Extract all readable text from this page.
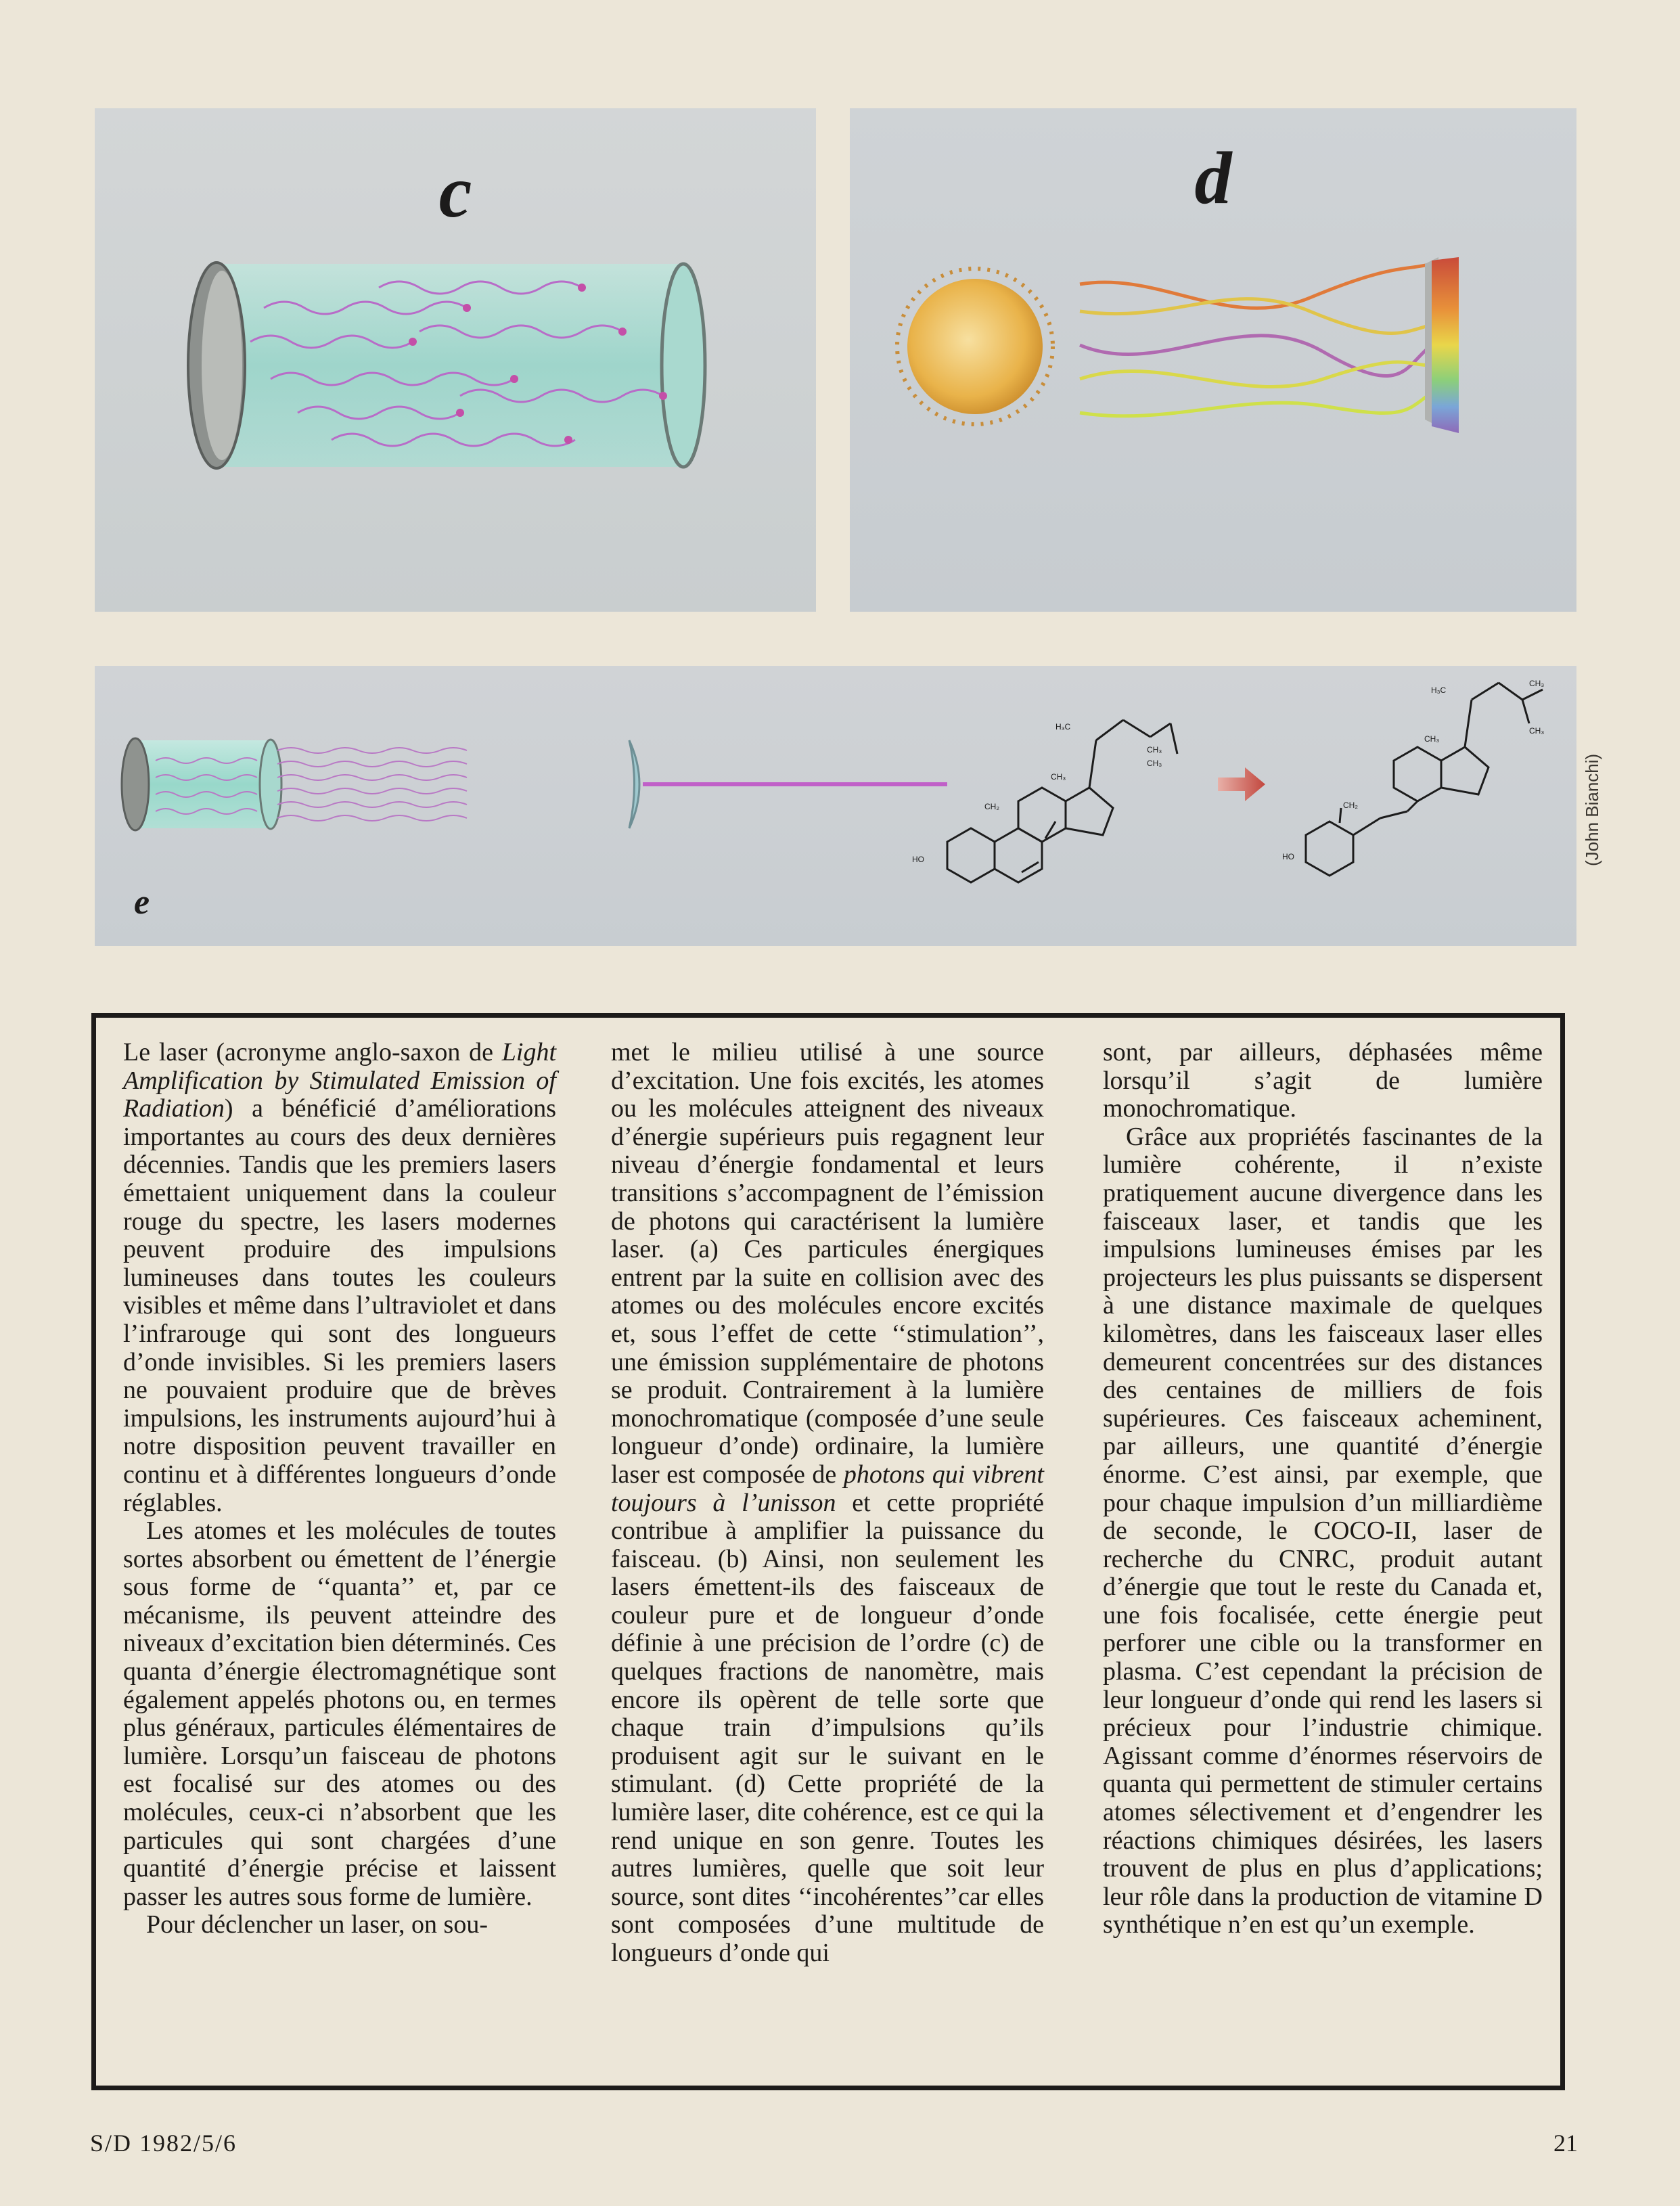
c	d
e
H₃C
CH₃
CH₃
CH₃
CH₂
HO
H₃C
CH₃
CH₃
CH₃
CH₂
HO	(John Bianchi)

Le laser (acronyme anglo-saxon de Light Amplification by Stimulated Emission of Radiation) a bénéficié d’améliorations importantes au cours des deux dernières décennies. Tandis que les premiers lasers émettaient uniquement dans la couleur rouge du spectre, les lasers modernes peuvent produire des impulsions lumineuses dans toutes les couleurs visibles et même dans l’ultraviolet et dans l’infrarouge qui sont des longueurs d’onde invisibles. Si les premiers lasers ne pouvaient produire que de brèves impulsions, les instruments aujourd’hui à notre disposition peuvent travailler en continu et à différentes longueurs d’onde réglables.

Les atomes et les molécules de toutes sortes absorbent ou émettent de l’énergie sous forme de ‘‘quanta’’ et, par ce mécanisme, ils peuvent atteindre des niveaux d’excitation bien déterminés. Ces quanta d’énergie électromagnétique sont également appelés photons ou, en termes plus généraux, particules élémentaires de lumière. Lorsqu’un faisceau de photons est focalisé sur des atomes ou des molécules, ceux-ci n’absorbent que les particules qui sont chargées d’une quantité d’énergie précise et laissent passer les autres sous forme de lumière.

Pour déclencher un laser, on sou-

met le milieu utilisé à une source d’excitation. Une fois excités, les atomes ou les molécules atteignent des niveaux d’énergie supérieurs puis regagnent leur niveau d’énergie fondamental et leurs transitions s’accompagnent de l’émission de photons qui caractérisent la lumière laser. (a) Ces particules énergiques entrent par la suite en collision avec des atomes ou des molécules encore excités et, sous l’effet de cette ‘‘stimulation’’, une émission supplémentaire de photons se produit. Contrairement à la lumière monochromatique (composée d’une seule longueur d’onde) ordinaire, la lumière laser est composée de photons qui vibrent toujours à l’unisson et cette propriété contribue à amplifier la puissance du faisceau. (b) Ainsi, non seulement les lasers émettent-ils des faisceaux de couleur pure et de longueur d’onde définie à une précision de l’ordre (c) de quelques fractions de nanomètre, mais encore ils opèrent de telle sorte que chaque train d’impulsions qu’ils produisent agit sur le suivant en le stimulant. (d) Cette propriété de la lumière laser, dite cohérence, est ce qui la rend unique en son genre. Toutes les autres lumières, quelle que soit leur source, sont dites ‘‘incohérentes’’car elles sont composées d’une multitude de longueurs d’onde qui

sont, par ailleurs, déphasées même lorsqu’il s’agit de lumière monochromatique.

Grâce aux propriétés fascinantes de la lumière cohérente, il n’existe pratiquement aucune divergence dans les faisceaux laser, et tandis que les impulsions lumineuses émises par les projecteurs les plus puissants se dispersent à une distance maximale de quelques kilomètres, dans les faisceaux laser elles demeurent concentrées sur des distances des centaines de milliers de fois supérieures. Ces faisceaux acheminent, par ailleurs, une quantité d’énergie énorme. C’est ainsi, par exemple, que pour chaque impulsion d’un milliardième de seconde, le COCO-II, laser de recherche du CNRC, produit autant d’énergie que tout le reste du Canada et, une fois focalisée, cette énergie peut perforer une cible ou la transformer en plasma. C’est cependant la précision de leur longueur d’onde qui rend les lasers si précieux pour l’industrie chimique. Agissant comme d’énormes réservoirs de quanta qui permettent de stimuler certains atomes sélectivement et d’engendrer les réactions chimiques désirées, les lasers trouvent de plus en plus d’applications; leur rôle dans la production de vitamine D synthétique n’en est qu’un exemple.

S/D 1982/5/6	21
